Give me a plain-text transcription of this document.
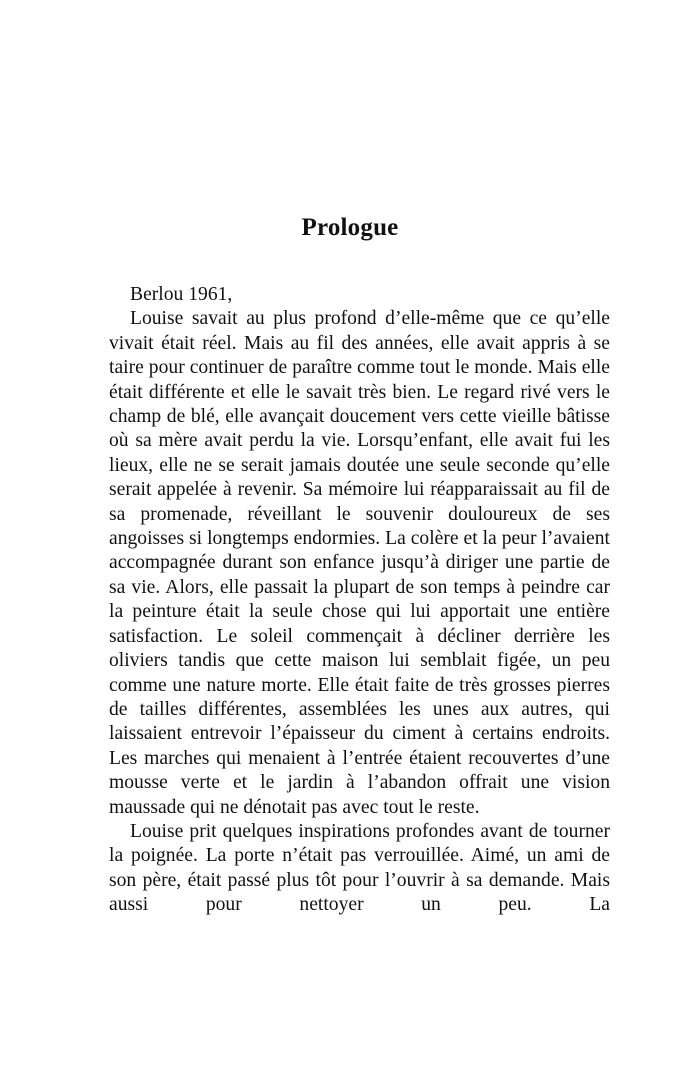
Prologue

Berlou 1961,

Louise savait au plus profond d’elle-même que ce qu’elle vivait était réel. Mais au fil des années, elle avait appris à se taire pour continuer de paraître comme tout le monde. Mais elle était différente et elle le savait très bien. Le regard rivé vers le champ de blé, elle avançait doucement vers cette vieille bâtisse où sa mère avait perdu la vie. Lorsqu’enfant, elle avait fui les lieux, elle ne se serait jamais doutée une seule seconde qu’elle serait appelée à revenir. Sa mémoire lui réapparaissait au fil de sa promenade, réveillant le souvenir douloureux de ses angoisses si longtemps endormies. La colère et la peur l’avaient accompagnée durant son enfance jusqu’à diriger une partie de sa vie. Alors, elle passait la plupart de son temps à peindre car la peinture était la seule chose qui lui apportait une entière satisfaction. Le soleil commençait à décliner derrière les oliviers tandis que cette maison lui semblait figée, un peu comme une nature morte. Elle était faite de très grosses pierres de tailles différentes, assemblées les unes aux autres, qui laissaient entrevoir l’épaisseur du ciment à certains endroits. Les marches qui menaient à l’entrée étaient recouvertes d’une mousse verte et le jardin à l’abandon offrait une vision maussade qui ne dénotait pas avec tout le reste.

Louise prit quelques inspirations profondes avant de tourner la poignée. La porte n’était pas verrouillée. Aimé, un ami de son père, était passé plus tôt pour l’ouvrir à sa demande. Mais aussi pour nettoyer un peu. La
